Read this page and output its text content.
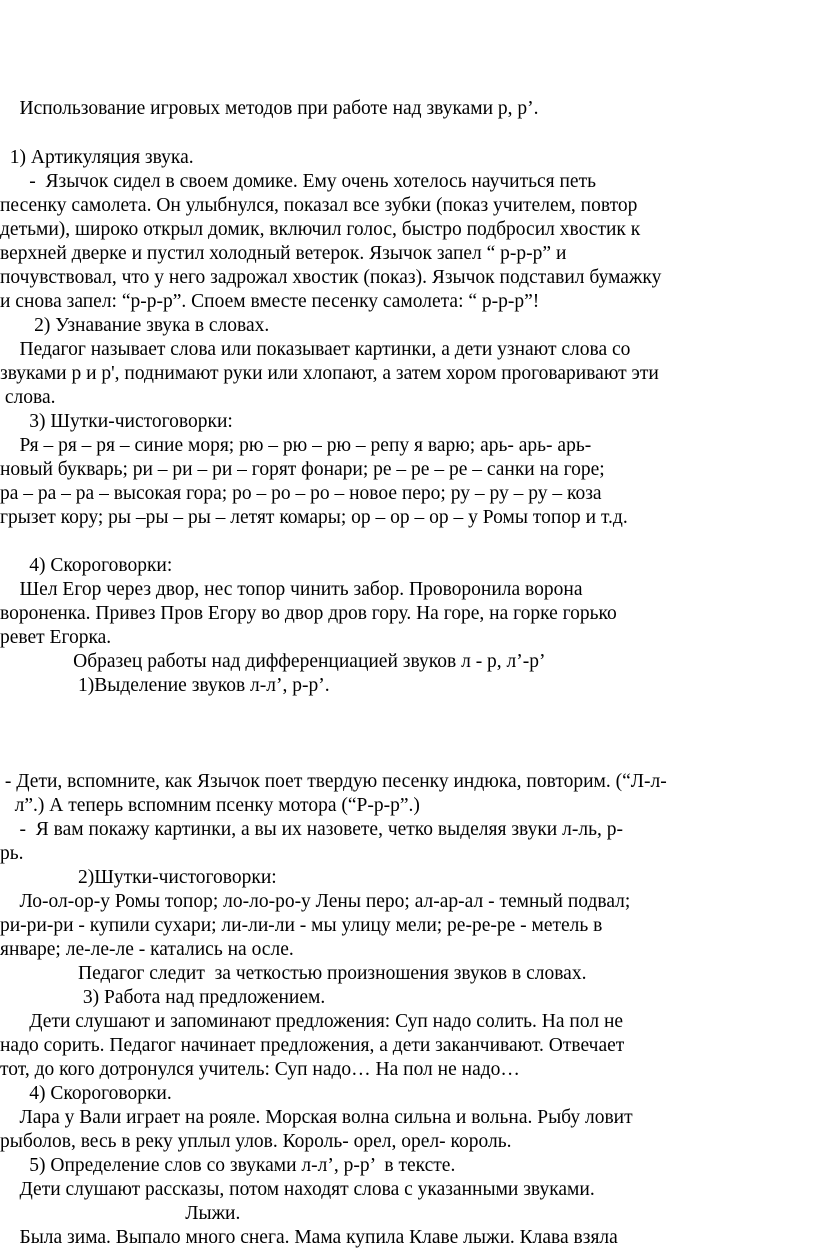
Использование игровых методов при работе над звуками р, р’.
1) Артикуляция звука.
-  Язычок сидел в своем домике. Ему очень хотелось научиться петь
песенку самолета. Он улыбнулся, показал все зубки (показ учителем, повтор
детьми), широко открыл домик, включил голос, быстро подбросил хвостик к
верхней дверке и пустил холодный ветерок. Язычок запел “ р-р-р” и
почувствовал, что у него задрожал хвостик (показ). Язычок подставил бумажку
и снова запел: “р-р-р”. Споем вместе песенку самолета: “ р-р-р”!
2) Узнавание звука в словах.
Педагог называет слова или показывает картинки, а дети узнают слова со
звуками р и р', поднимают руки или хлопают, а затем хором проговаривают эти
слова.
3) Шутки-чистоговорки:
Ря – ря – ря – синие моря; рю – рю – рю – репу я варю; арь- арь- арь-
новый букварь; ри – ри – ри – горят фонари; ре – ре – ре – санки на горе;
ра – ра – ра – высокая гора; ро – ро – ро – новое перо; ру – ру – ру – коза
грызет кору; ры –ры – ры – летят комары; ор – ор – ор – у Ромы топор и т.д.
4) Скороговорки:
Шел Егор через двор, нес топор чинить забор. Проворонила ворона
вороненка. Привез Пров Егору во двор дров гору. На горе, на горке горько
ревет Егорка.
Образец работы над дифференциацией звуков л - р, л’-р’
1)Выделение звуков л-л’, р-р’.
- Дети, вспомните, как Язычок поет твердую песенку индюка, повторим. (“Л-л-
л”.) А теперь вспомним псенку мотора (“Р-р-р”.)
-  Я вам покажу картинки, а вы их назовете, четко выделяя звуки л-ль, р-
рь.
2)Шутки-чистоговорки:
Ло-ол-ор-у Ромы топор; ло-ло-ро-у Лены перо; ал-ар-ал - темный подвал;
ри-ри-ри - купили сухари; ли-ли-ли - мы улицу мели; ре-ре-ре - метель в
январе; ле-ле-ле - катались на осле.
Педагог следит  за четкостью произношения звуков в словах.
3) Работа над предложением.
Дети слушают и запоминают предложения: Суп надо солить. На пол не
надо сорить. Педагог начинает предложения, а дети заканчивают. Отвечает
тот, до кого дотронулся учитель: Суп надо… На пол не надо…
4) Скороговорки.
Лара у Вали играет на рояле. Морская волна сильна и вольна. Рыбу ловит
рыболов, весь в реку уплыл улов. Король- орел, орел- король.
5) Определение слов со звуками л-л’, р-р’  в тексте.
Дети слушают рассказы, потом находят слова с указанными звуками.
Лыжи.
Была зима. Выпало много снега. Мама купила Клаве лыжи. Клава взяла
